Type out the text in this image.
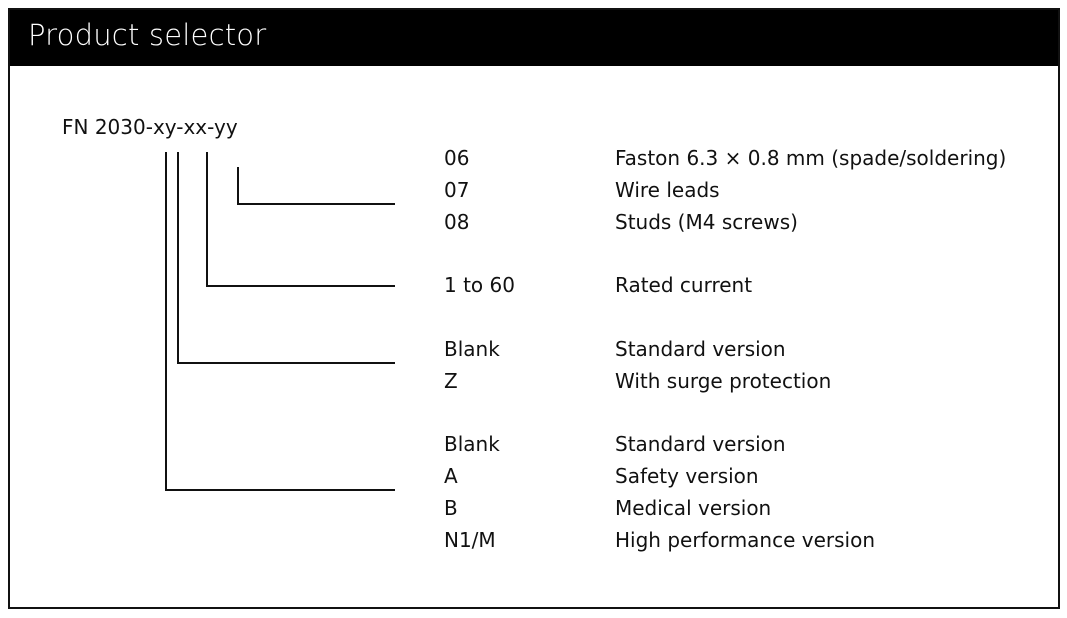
Product selector
FN 2030-xy-xx-yy
06	Faston 6.3 × 0.8 mm (spade/soldering)
07	Wire leads
08	Studs (M4 screws)
1 to 60	Rated current
Blank	Standard version
Z	With surge protection
Blank	Standard version
A	Safety version
B	Medical version
N1/M	High performance version
